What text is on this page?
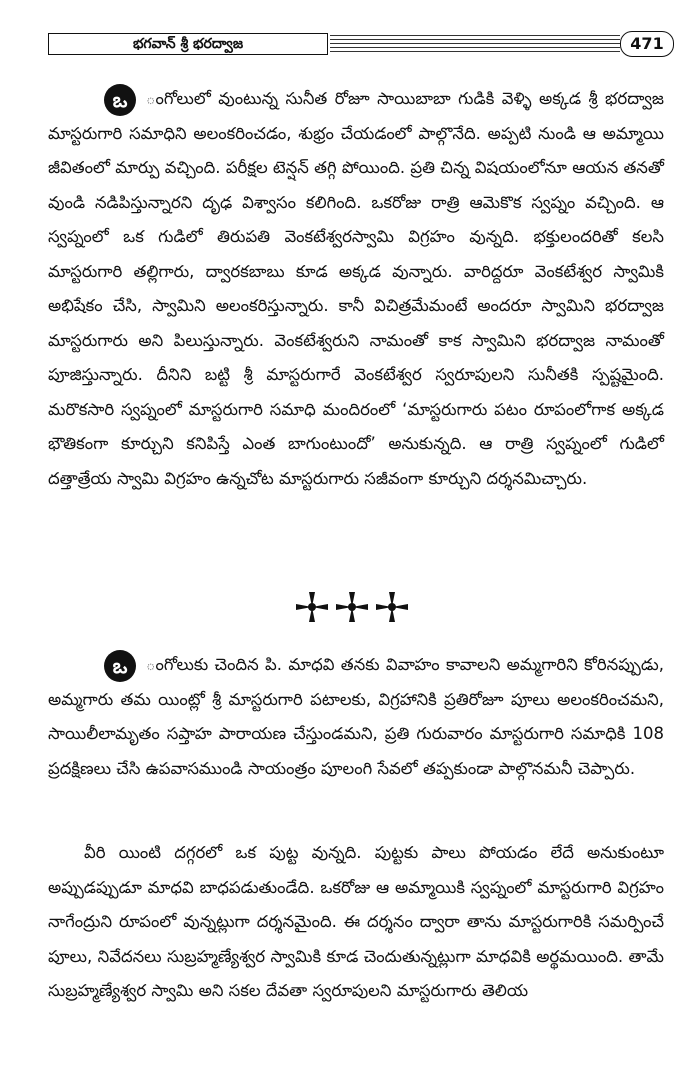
భగవాన్ శ్రీ భరద్వాజ	471

ఒ ంగోలులో వుంటున్న సునీత రోజూ సాయిబాబా గుడికి వెళ్ళి అక్కడ శ్రీ భరద్వాజ మాస్టరుగారి సమాధిని అలంకరించడం, శుభ్రం చేయడంలో పాల్గొనేది. అప్పటి నుండి ఆ అమ్మాయి జీవితంలో మార్పు వచ్చింది. పరీక్షల టెన్షన్ తగ్గి పోయింది. ప్రతి చిన్న విషయంలోనూ ఆయన తనతో వుండి నడిపిస్తున్నారని దృఢ విశ్వాసం కలిగింది. ఒకరోజు రాత్రి ఆమెకొక స్వప్నం వచ్చింది. ఆ స్వప్నంలో ఒక గుడిలో తిరుపతి వెంకటేశ్వరస్వామి విగ్రహం వున్నది. భక్తులందరితో కలసి మాస్టరుగారి తల్లిగారు, ద్వారకబాబు కూడ అక్కడ వున్నారు. వారిద్దరూ వెంకటేశ్వర స్వామికి అభిషేకం చేసి, స్వామిని అలంకరిస్తున్నారు. కానీ విచిత్రమేమంటే అందరూ స్వామిని భరద్వాజ మాస్టరుగారు అని పిలుస్తున్నారు. వెంకటేశ్వరుని నామంతో కాక స్వామిని భరద్వాజ నామంతో పూజిస్తున్నారు. దీనిని బట్టి శ్రీ మాస్టరుగారే వెంకటేశ్వర స్వరూపులని సునీతకి స్పష్టమైంది. మరొకసారి స్వప్నంలో మాస్టరుగారి సమాధి మందిరంలో ‘మాస్టరుగారు పటం రూపంలోగాక అక్కడ భౌతికంగా కూర్చుని కనిపిస్తే ఎంత బాగుంటుందో’ అనుకున్నది. ఆ రాత్రి స్వప్నంలో గుడిలో దత్తాత్రేయ స్వామి విగ్రహం ఉన్నచోట మాస్టరుగారు సజీవంగా కూర్చుని దర్శనమిచ్చారు.

ఒ ంగోలుకు చెందిన పి. మాధవి తనకు వివాహం కావాలని అమ్మగారిని కోరినప్పుడు, అమ్మగారు తమ యింట్లో శ్రీ మాస్టరుగారి పటాలకు, విగ్రహానికి ప్రతిరోజూ పూలు అలంకరించమని, సాయిలీలామృతం సప్తాహ పారాయణ చేస్తుండమని, ప్రతి గురువారం మాస్టరుగారి సమాధికి 108 ప్రదక్షిణలు చేసి ఉపవాసముండి సాయంత్రం పూలంగి సేవలో తప్పకుండా పాల్గొనమనీ చెప్పారు.

వీరి యింటి దగ్గరలో ఒక పుట్ట వున్నది. పుట్టకు పాలు పోయడం లేదే అనుకుంటూ అప్పుడప్పుడూ మాధవి బాధపడుతుండేది. ఒకరోజు ఆ అమ్మాయికి స్వప్నంలో మాస్టరుగారి విగ్రహం నాగేంద్రుని రూపంలో వున్నట్లుగా దర్శనమైంది. ఈ దర్శనం ద్వారా తాను మాస్టరుగారికి సమర్పించే పూలు, నివేదనలు సుబ్రహ్మణ్యేశ్వర స్వామికి కూడ చెందుతున్నట్లుగా మాధవికి అర్థమయింది. తామే సుబ్రహ్మణ్యేశ్వర స్వామి అని సకల దేవతా స్వరూపులని మాస్టరుగారు తెలియ
